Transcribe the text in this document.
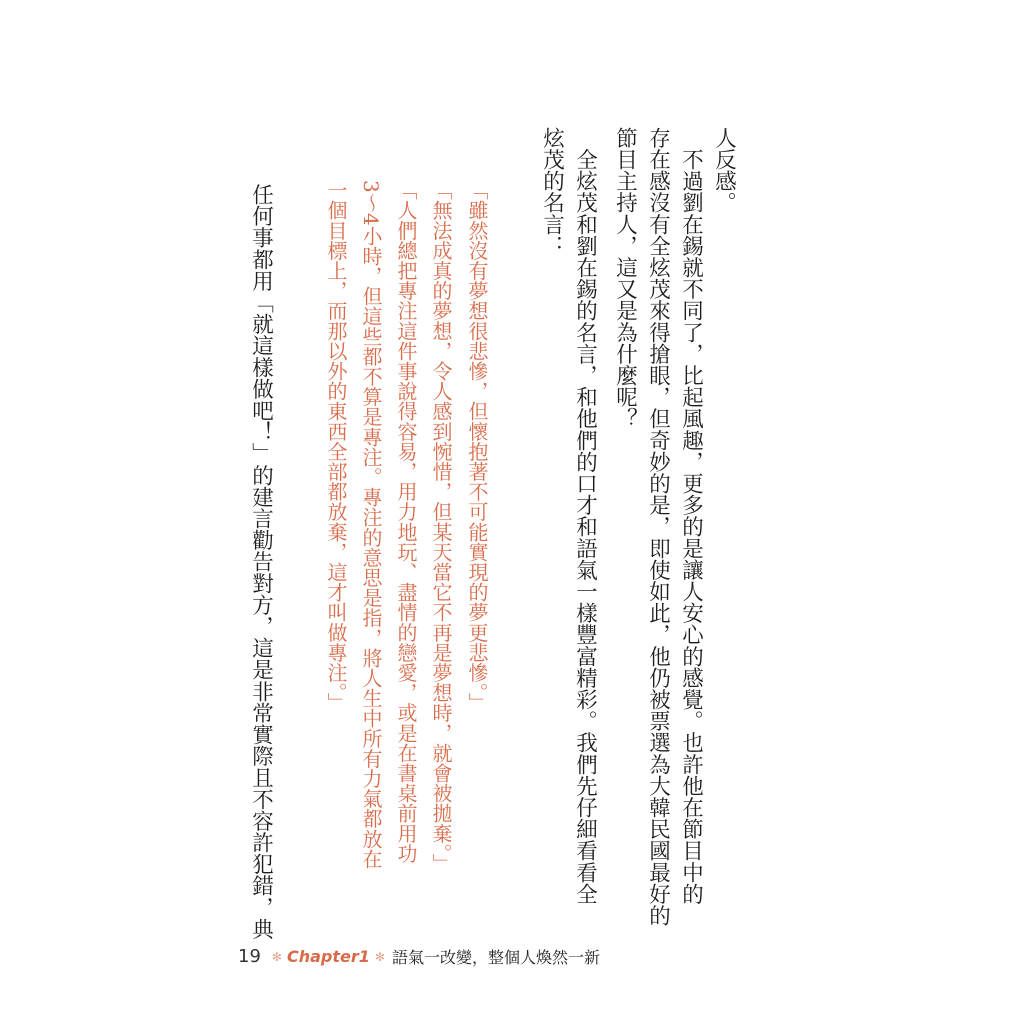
人反感。
　不過劉在錫就不同了，比起風趣，更多的是讓人安心的感覺。也許他在節目中的
存在感沒有全炫茂來得搶眼，但奇妙的是，即使如此，他仍被票選為大韓民國最好的
節目主持人，這又是為什麼呢？
　全炫茂和劉在錫的名言，和他們的口才和語氣一樣豐富精彩。我們先仔細看看全
炫茂的名言：
「雖然沒有夢想很悲慘，但懷抱著不可能實現的夢更悲慘。」
「無法成真的夢想，令人感到惋惜，但某天當它不再是夢想時，就會被拋棄。」
「人們總把專注這件事說得容易，用力地玩、盡情的戀愛，或是在書桌前用功
3～4小時，但這些都不算是專注。專注的意思是指，將人生中所有力氣都放在
一個目標上，而那以外的東西全部都放棄，這才叫做專注。」
　任何事都用「就這樣做吧！」的建言勸告對方，這是非常實際且不容許犯錯，典
19 ✻ Chapter1 ✻ 語氣一改變，整個人煥然一新
